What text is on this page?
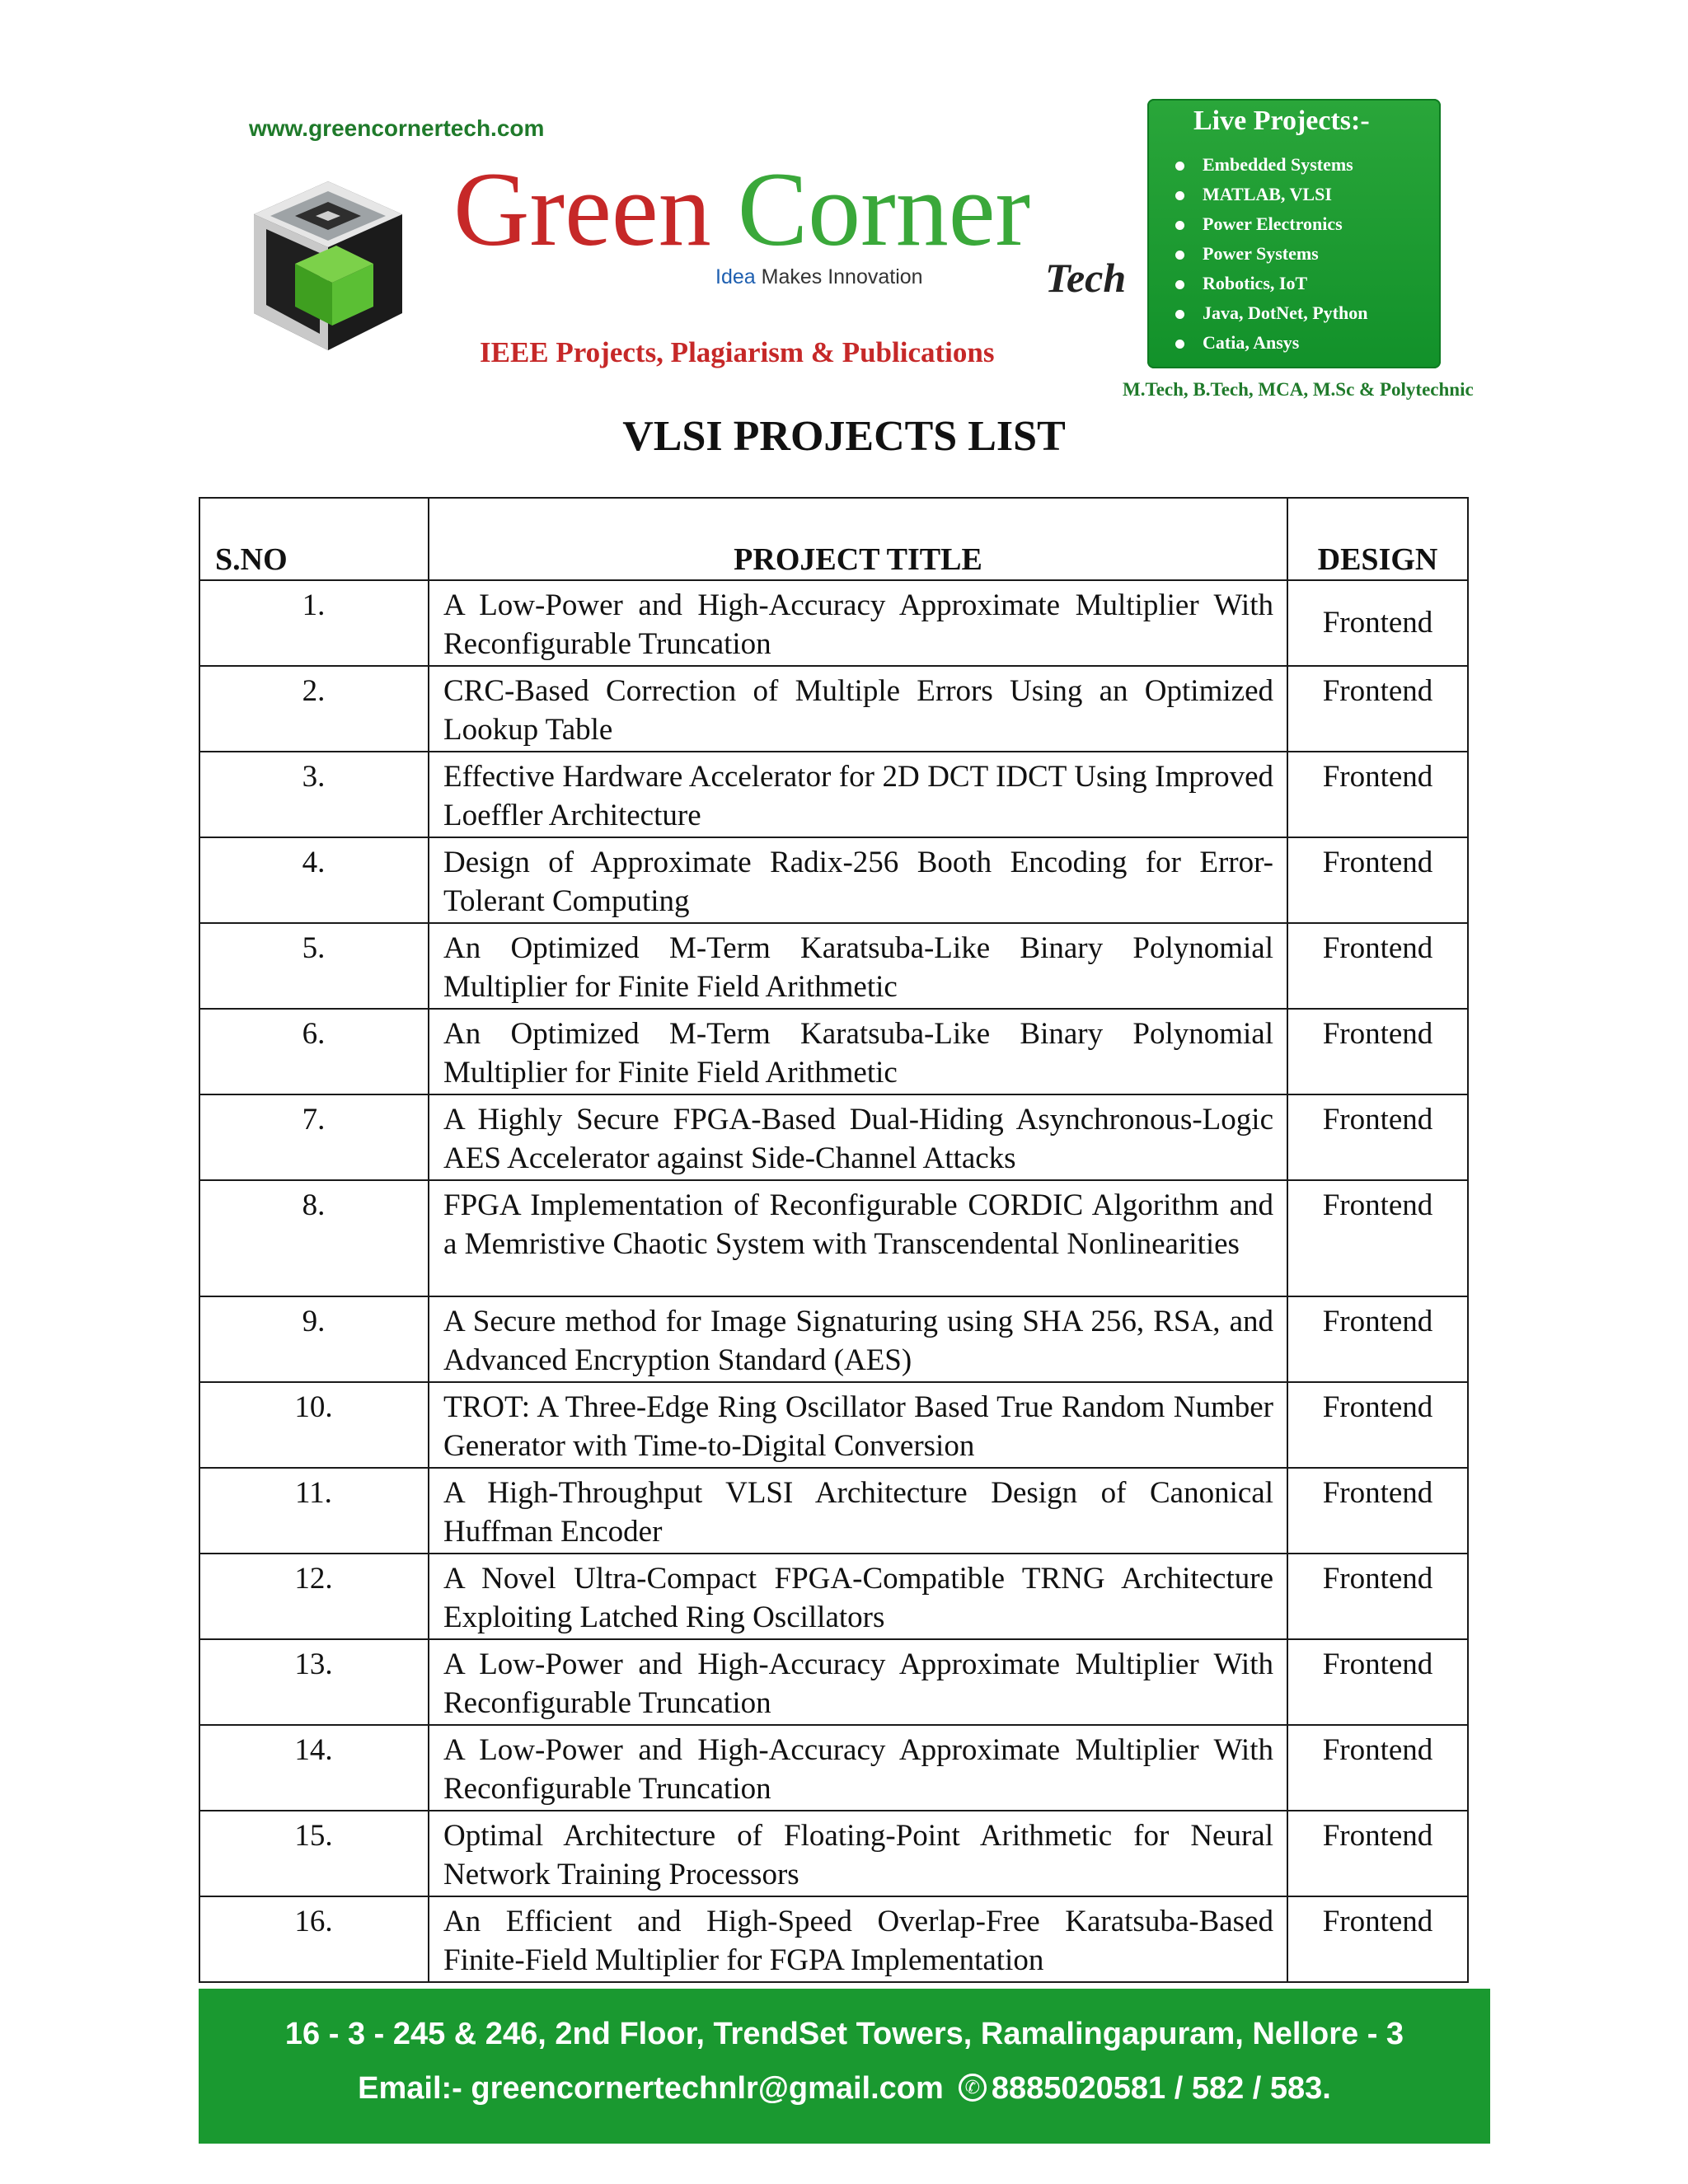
www.greencornertech.com
Green Corner
Idea Makes Innovation	Tech
IEEE Projects, Plagiarism & Publications
Live Projects:-
Embedded Systems
MATLAB, VLSI
Power Electronics
Power Systems
Robotics, IoT
Java, DotNet, Python
Catia, Ansys
M.Tech, B.Tech, MCA, M.Sc & Polytechnic
VLSI PROJECTS LIST
S.NO	PROJECT TITLE	DESIGN
1.	A Low-Power and High-Accuracy Approximate Multiplier With Reconfigurable Truncation	Frontend
2.	CRC-Based Correction of Multiple Errors Using an Optimized Lookup Table	Frontend
3.	Effective Hardware Accelerator for 2D DCT IDCT Using Improved Loeffler Architecture	Frontend
4.	Design of Approximate Radix-256 Booth Encoding for Error-Tolerant Computing	Frontend
5.	An Optimized M-Term Karatsuba-Like Binary Polynomial Multiplier for Finite Field Arithmetic	Frontend
6.	An Optimized M-Term Karatsuba-Like Binary Polynomial Multiplier for Finite Field Arithmetic	Frontend
7.	A Highly Secure FPGA-Based Dual-Hiding Asynchronous-Logic AES Accelerator against Side-Channel Attacks	Frontend
8.	FPGA Implementation of Reconfigurable CORDIC Algorithm and a Memristive Chaotic System with Transcendental Nonlinearities	Frontend
9.	A Secure method for Image Signaturing using SHA 256, RSA, and Advanced Encryption Standard (AES)	Frontend
10.	TROT: A Three-Edge Ring Oscillator Based True Random Number Generator with Time-to-Digital Conversion	Frontend
11.	A High-Throughput VLSI Architecture Design of Canonical Huffman Encoder	Frontend
12.	A Novel Ultra-Compact FPGA-Compatible TRNG Architecture Exploiting Latched Ring Oscillators	Frontend
13.	A Low-Power and High-Accuracy Approximate Multiplier With Reconfigurable Truncation	Frontend
14.	A Low-Power and High-Accuracy Approximate Multiplier With Reconfigurable Truncation	Frontend
15.	Optimal Architecture of Floating-Point Arithmetic for Neural Network Training Processors	Frontend
16.	An Efficient and High-Speed Overlap-Free Karatsuba-Based Finite-Field Multiplier for FGPA Implementation	Frontend
16 - 3 - 245 & 246, 2nd Floor, TrendSet Towers, Ramalingapuram, Nellore - 3
Email:- greencornertechnlr@gmail.com ✆ 8885020581 / 582 / 583.
